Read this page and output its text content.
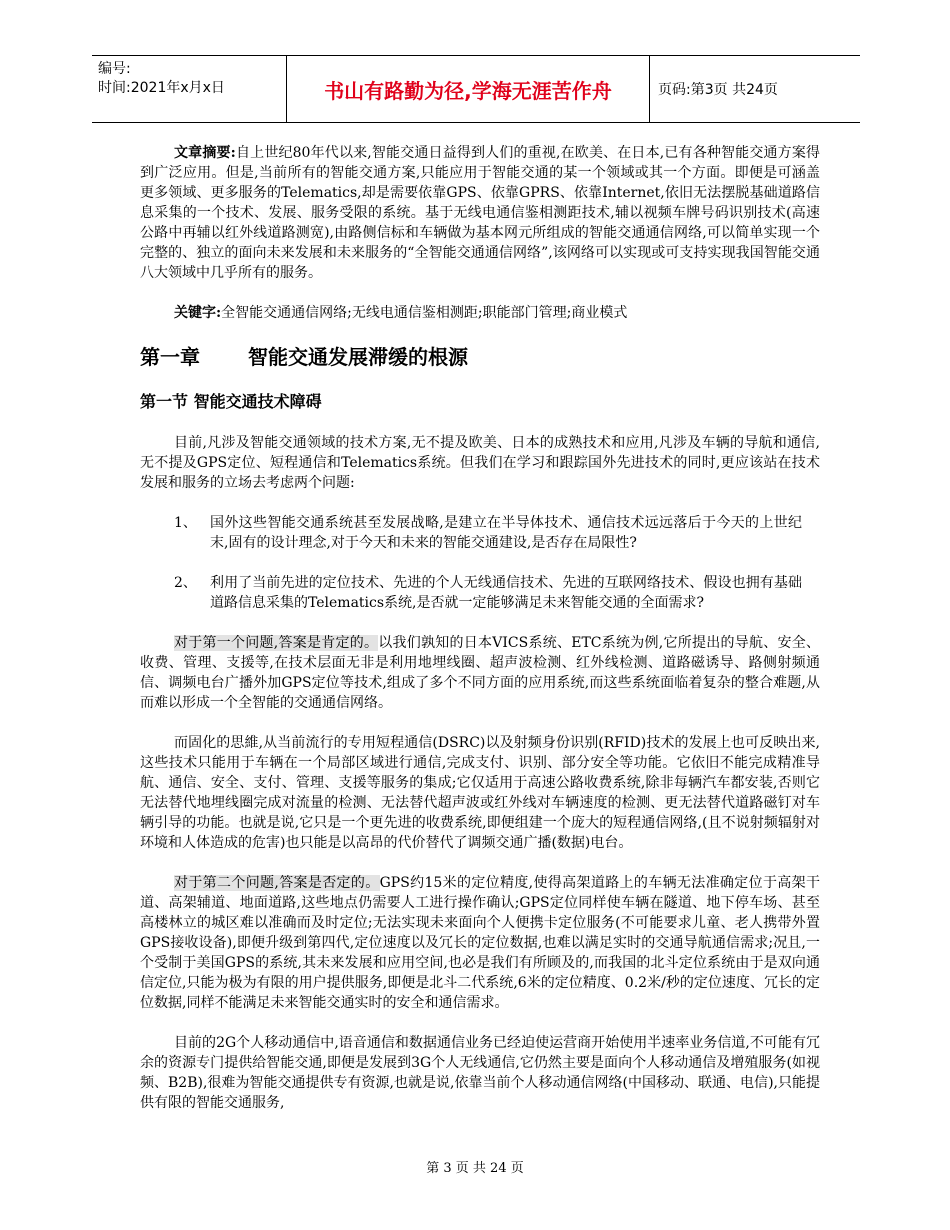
编号:
时间:2021年x月x日	书山有路勤为径,学海无涯苦作舟	页码:第3页 共24页

文章摘要:自上世纪80年代以来,智能交通日益得到人们的重视,在欧美、在日本,已有各种智能交通方案得到广泛应用。但是,当前所有的智能交通方案,只能应用于智能交通的某一个领域或其一个方面。即便是可涵盖更多领域、更多服务的Telematics,却是需要依靠GPS、依靠GPRS、依靠Internet,依旧无法摆脱基础道路信息采集的一个技术、发展、服务受限的系统。基于无线电通信鉴相测距技术,辅以视频车牌号码识别技术(高速公路中再辅以红外线道路测宽),由路侧信标和车辆做为基本网元所组成的智能交通通信网络,可以简单实现一个完整的、独立的面向未来发展和未来服务的“全智能交通通信网络”,该网络可以实现或可支持实现我国智能交通八大领域中几乎所有的服务。

关键字:全智能交通通信网络;无线电通信鉴相测距;职能部门管理;商业模式

第一章 智能交通发展滞缓的根源
第一节 智能交通技术障碍

目前,凡涉及智能交通领域的技术方案,无不提及欧美、日本的成熟技术和应用,凡涉及车辆的导航和通信,无不提及GPS定位、短程通信和Telematics系统。但我们在学习和跟踪国外先进技术的同时,更应该站在技术发展和服务的立场去考虑两个问题:

1、 国外这些智能交通系统甚至发展战略,是建立在半导体技术、通信技术远远落后于今天的上世纪末,固有的设计理念,对于今天和未来的智能交通建设,是否存在局限性?

2、 利用了当前先进的定位技术、先进的个人无线通信技术、先进的互联网络技术、假设也拥有基础道路信息采集的Telematics系统,是否就一定能够满足未来智能交通的全面需求?

对于第一个问题,答案是肯定的。以我们孰知的日本VICS系统、ETC系统为例,它所提出的导航、安全、收费、管理、支援等,在技术层面无非是利用地埋线圈、超声波检测、红外线检测、道路磁诱导、路侧射频通信、调频电台广播外加GPS定位等技术,组成了多个不同方面的应用系统,而这些系统面临着复杂的整合难题,从而难以形成一个全智能的交通通信网络。

而固化的思維,从当前流行的专用短程通信(DSRC)以及射频身份识别(RFID)技术的发展上也可反映出来,这些技术只能用于车辆在一个局部区域进行通信,完成支付、识别、部分安全等功能。它依旧不能完成精准导航、通信、安全、支付、管理、支援等服务的集成;它仅适用于高速公路收费系统,除非每辆汽车都安装,否则它无法替代地埋线圈完成对流量的检测、无法替代超声波或红外线对车辆速度的检测、更无法替代道路磁钉对车辆引导的功能。也就是说,它只是一个更先进的收费系统,即便组建一个庞大的短程通信网络,(且不说射频辐射对环境和人体造成的危害)也只能是以高昂的代价替代了调频交通广播(数据)电台。

对于第二个问题,答案是否定的。GPS约15米的定位精度,使得高架道路上的车辆无法准确定位于高架干道、高架辅道、地面道路,这些地点仍需要人工进行操作确认;GPS定位同样使车辆在隧道、地下停车场、甚至高楼林立的城区难以准确而及时定位;无法实现未来面向个人便携卡定位服务(不可能要求儿童、老人携带外置GPS接收设备),即便升级到第四代,定位速度以及冗长的定位数据,也难以满足实时的交通导航通信需求;况且,一个受制于美国GPS的系统,其未来发展和应用空间,也必是我们有所顾及的,而我国的北斗定位系统由于是双向通信定位,只能为极为有限的用户提供服务,即便是北斗二代系统,6米的定位精度、0.2米/秒的定位速度、冗长的定位数据,同样不能满足未来智能交通实时的安全和通信需求。

目前的2G个人移动通信中,语音通信和数据通信业务已经迫使运营商开始使用半速率业务信道,不可能有冗余的资源专门提供给智能交通,即便是发展到3G个人无线通信,它仍然主要是面向个人移动通信及增殖服务(如视频、B2B),很难为智能交通提供专有资源,也就是说,依靠当前个人移动通信网络(中国移动、联通、电信),只能提供有限的智能交通服务,

第 3 页 共 24 页
